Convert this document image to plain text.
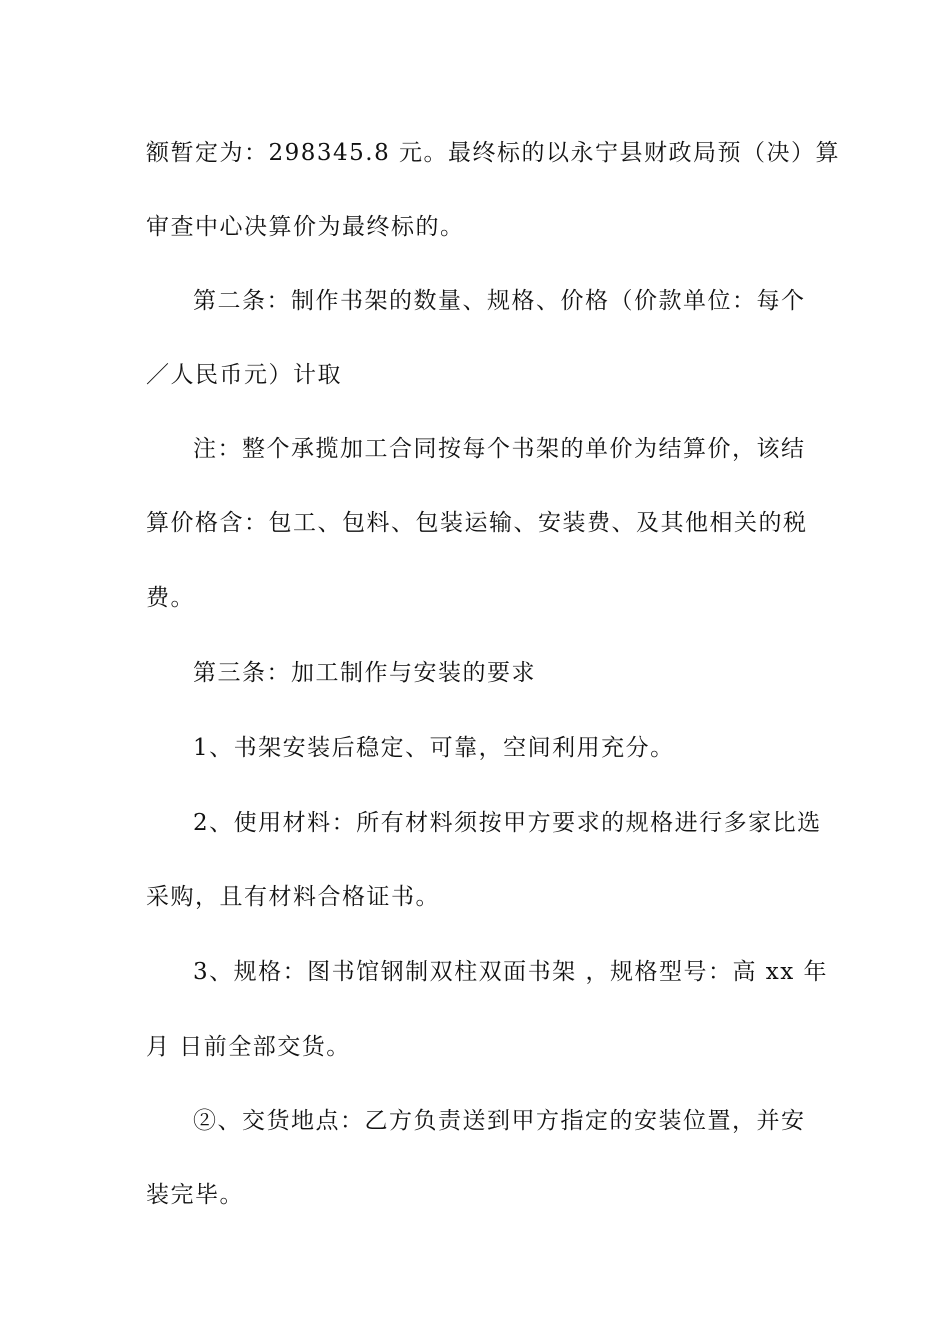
额暂定为：298345.8 元。最终标的以永宁县财政局预（决）算
审查中心决算价为最终标的。
第二条：制作书架的数量、规格、价格（价款单位：每个
／人民币元）计取
注：整个承揽加工合同按每个书架的单价为结算价，该结
算价格含：包工、包料、包装运输、安装费、及其他相关的税
费。
第三条：加工制作与安装的要求
1、书架安装后稳定、可靠，空间利用充分。
2、使用材料：所有材料须按甲方要求的规格进行多家比选
采购，且有材料合格证书。
3、规格：图书馆钢制双柱双面书架 ，规格型号：高 xx 年
月 日前全部交货。
②、交货地点：乙方负责送到甲方指定的安装位置，并安
装完毕。
